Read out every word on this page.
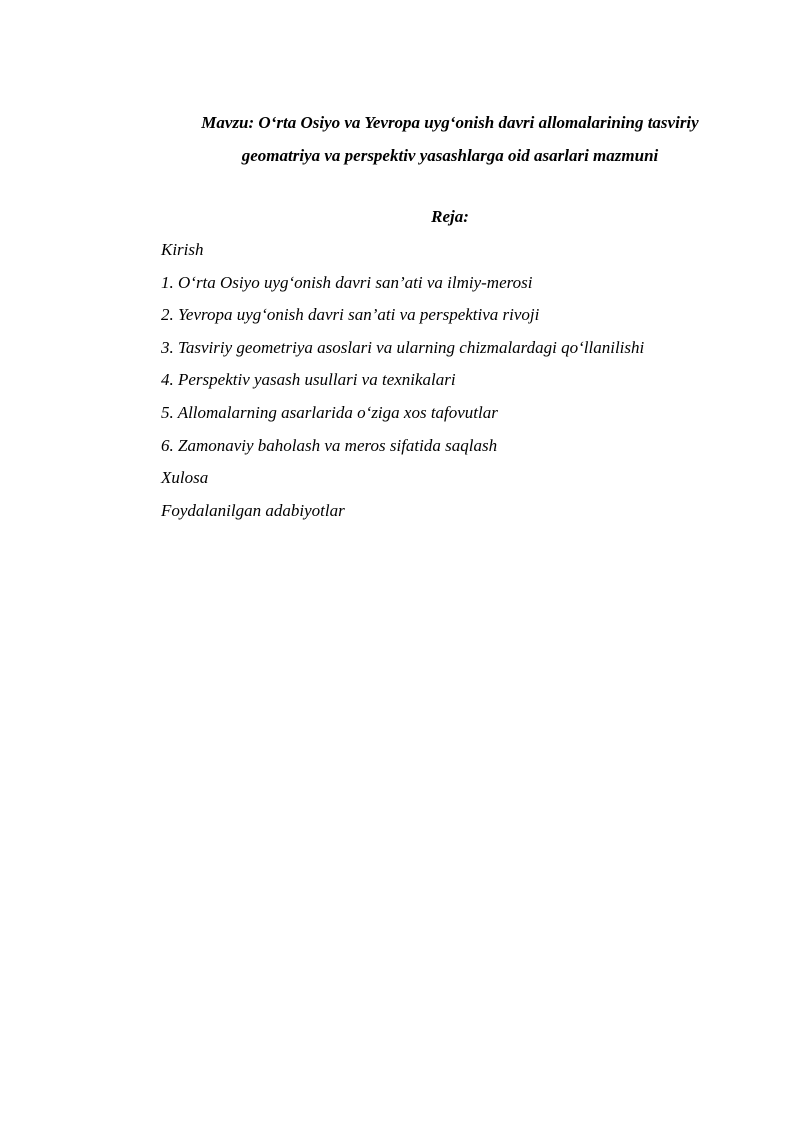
Mavzu: O‘rta Osiyo va Yevropa uyg‘onish davri allomalarining tasviriy
geomatriya va perspektiv yasashlarga oid asarlari mazmuni
Reja:
Kirish
1. O‘rta Osiyo uyg‘onish davri san’ati va ilmiy-merosi
2. Yevropa uyg‘onish davri san’ati va perspektiva rivoji
3. Tasviriy geometriya asoslari va ularning chizmalardagi qo‘llanilishi
4. Perspektiv yasash usullari va texnikalari
5. Allomalarning asarlarida o‘ziga xos tafovutlar
6. Zamonaviy baholash va meros sifatida saqlash
Xulosa
Foydalanilgan adabiyotlar
